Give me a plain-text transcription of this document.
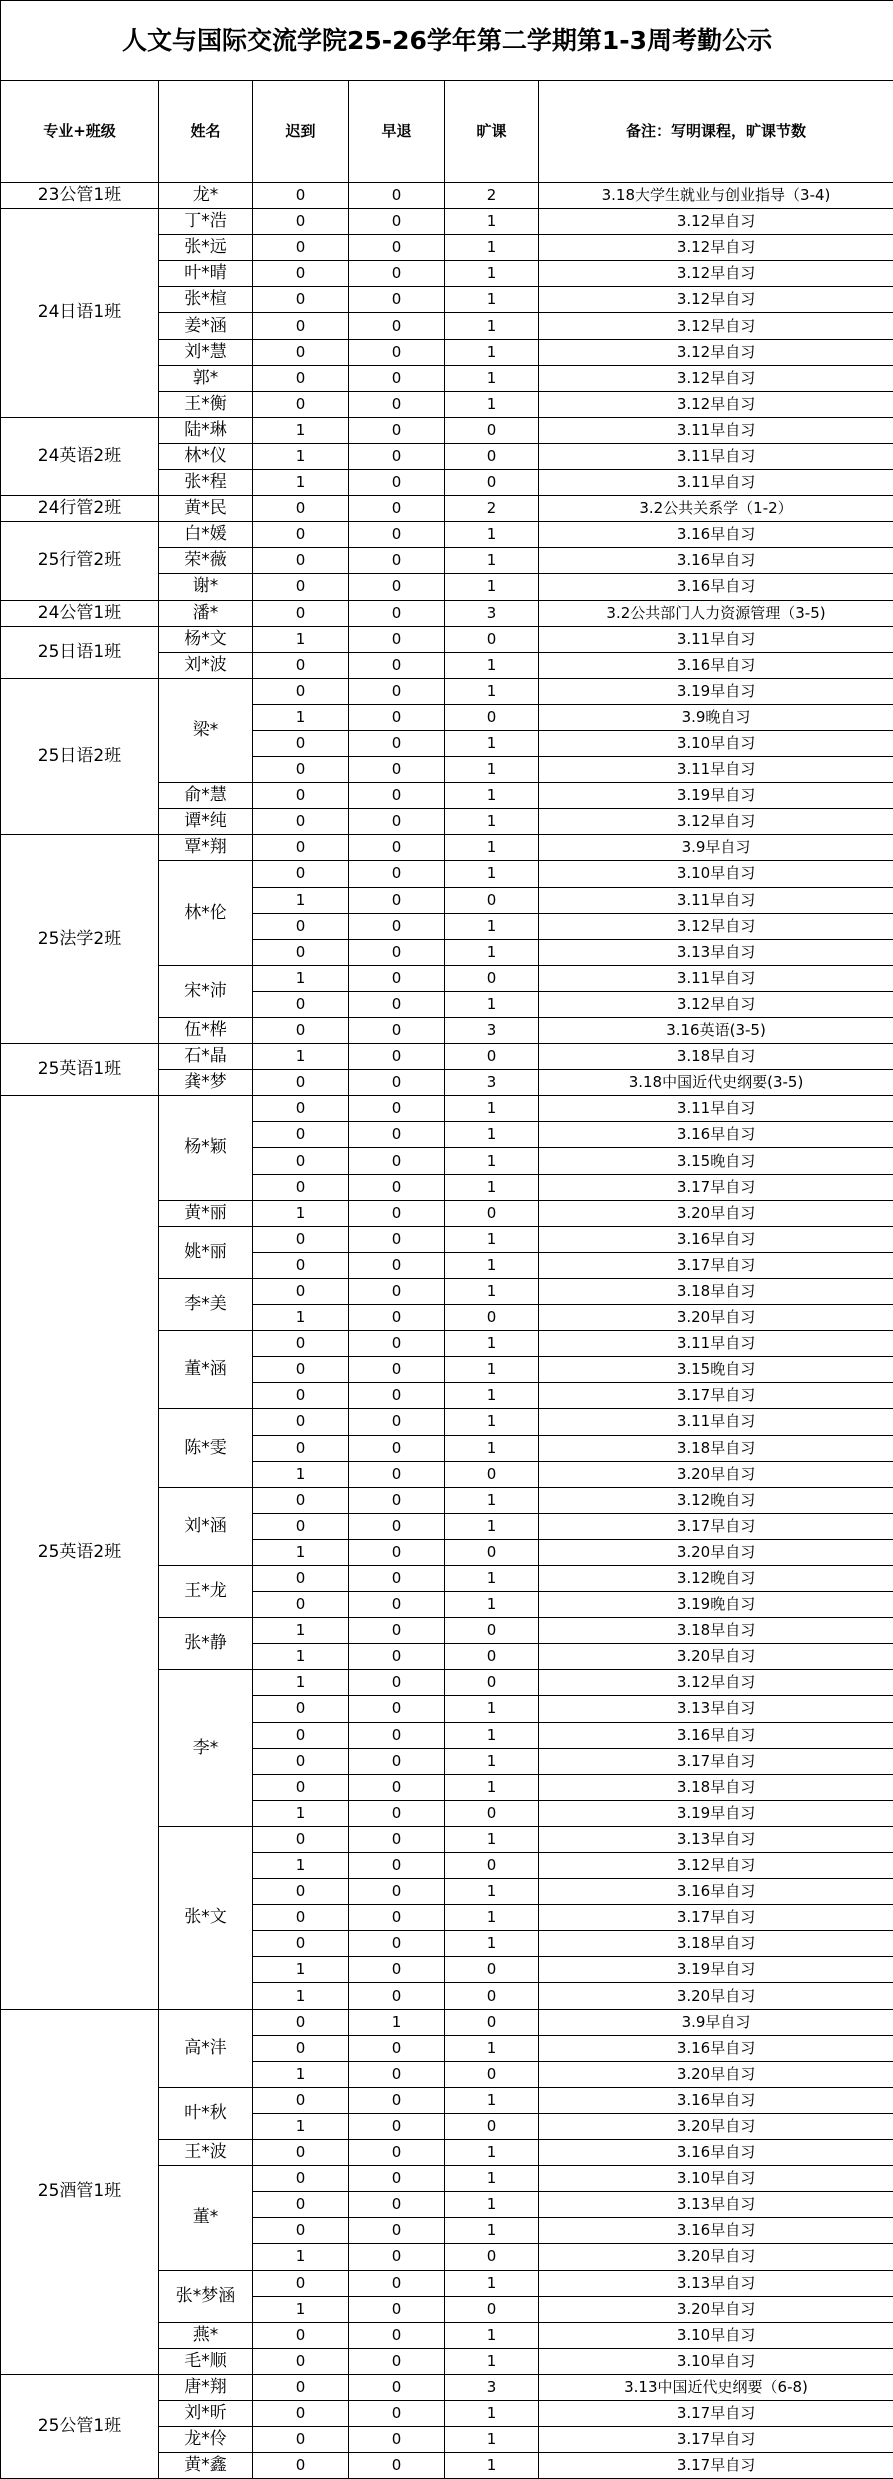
人文与国际交流学院25-26学年第二学期第1-3周考勤公示					
专业+班级	姓名	迟到	早退	旷课	备注：写明课程，旷课节数
23公管1班	龙*	0	0	2	3.18大学生就业与创业指导（3-4)
24日语1班	丁*浩	0	0	1	3.12早自习
	张*远	0	0	1	3.12早自习
	叶*晴	0	0	1	3.12早自习
	张*楦	0	0	1	3.12早自习
	姜*涵	0	0	1	3.12早自习
	刘*慧	0	0	1	3.12早自习
	郭*	0	0	1	3.12早自习
	王*衡	0	0	1	3.12早自习
24英语2班	陆*琳	1	0	0	3.11早自习
	林*仪	1	0	0	3.11早自习
	张*程	1	0	0	3.11早自习
24行管2班	黄*民	0	0	2	3.2公共关系学（1-2）
25行管2班	白*媛	0	0	1	3.16早自习
	荣*薇	0	0	1	3.16早自习
	谢*	0	0	1	3.16早自习
24公管1班	潘*	0	0	3	3.2公共部门人力资源管理（3-5)
25日语1班	杨*文	1	0	0	3.11早自习
	刘*波	0	0	1	3.16早自习
25日语2班	梁*	0	0	1	3.19早自习
		1	0	0	3.9晚自习
		0	0	1	3.10早自习
		0	0	1	3.11早自习
	俞*慧	0	0	1	3.19早自习
	谭*纯	0	0	1	3.12早自习
25法学2班	覃*翔	0	0	1	3.9早自习
	林*伦	0	0	1	3.10早自习
		1	0	0	3.11早自习
		0	0	1	3.12早自习
		0	0	1	3.13早自习
	宋*沛	1	0	0	3.11早自习
		0	0	1	3.12早自习
	伍*桦	0	0	3	3.16英语(3-5)
25英语1班	石*晶	1	0	0	3.18早自习
	龚*梦	0	0	3	3.18中国近代史纲要(3-5)
25英语2班	杨*颖	0	0	1	3.11早自习
		0	0	1	3.16早自习
		0	0	1	3.15晚自习
		0	0	1	3.17早自习
	黄*丽	1	0	0	3.20早自习
	姚*丽	0	0	1	3.16早自习
		0	0	1	3.17早自习
	李*美	0	0	1	3.18早自习
		1	0	0	3.20早自习
	董*涵	0	0	1	3.11早自习
		0	0	1	3.15晚自习
		0	0	1	3.17早自习
	陈*雯	0	0	1	3.11早自习
		0	0	1	3.18早自习
		1	0	0	3.20早自习
	刘*涵	0	0	1	3.12晚自习
		0	0	1	3.17早自习
		1	0	0	3.20早自习
	王*龙	0	0	1	3.12晚自习
		0	0	1	3.19晚自习
	张*静	1	0	0	3.18早自习
		1	0	0	3.20早自习
	李*	1	0	0	3.12早自习
		0	0	1	3.13早自习
		0	0	1	3.16早自习
		0	0	1	3.17早自习
		0	0	1	3.18早自习
		1	0	0	3.19早自习
	张*文	0	0	1	3.13早自习
		1	0	0	3.12早自习
		0	0	1	3.16早自习
		0	0	1	3.17早自习
		0	0	1	3.18早自习
		1	0	0	3.19早自习
		1	0	0	3.20早自习
25酒管1班	高*沣	0	1	0	3.9早自习
		0	0	1	3.16早自习
		1	0	0	3.20早自习
	叶*秋	0	0	1	3.16早自习
		1	0	0	3.20早自习
	王*波	0	0	1	3.16早自习
	董*	0	0	1	3.10早自习
		0	0	1	3.13早自习
		0	0	1	3.16早自习
		1	0	0	3.20早自习
	张*梦涵	0	0	1	3.13早自习
		1	0	0	3.20早自习
	燕*	0	0	1	3.10早自习
	毛*顺	0	0	1	3.10早自习
25公管1班	唐*翔	0	0	3	3.13中国近代史纲要（6-8)
	刘*昕	0	0	1	3.17早自习
	龙*伶	0	0	1	3.17早自习
	黄*鑫	0	0	1	3.17早自习
